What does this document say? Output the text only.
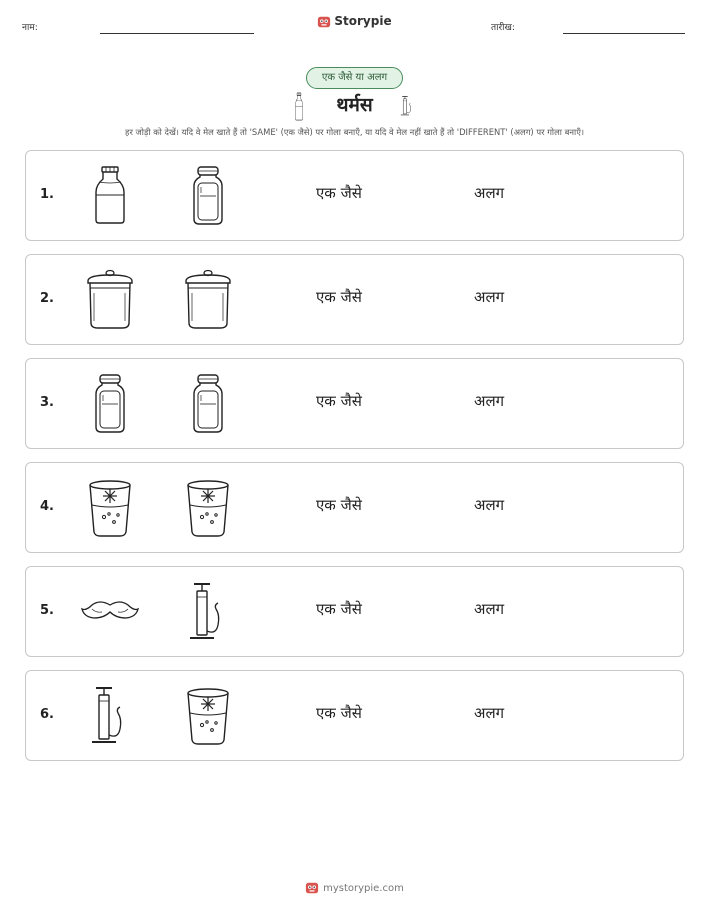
नाम:	Storypie	तारीख:
एक जैसे या अलग
थर्मस
हर जोड़ी को देखें। यदि वे मेल खाते हैं तो 'SAME' (एक जैसे) पर गोला बनाएँ, या यदि वे मेल नहीं खाते हैं तो 'DIFFERENT' (अलग) पर गोला बनाएँ।
1.	एक जैसे	अलग
2.	एक जैसे	अलग
3.	एक जैसे	अलग
4.	एक जैसे	अलग
5.	एक जैसे	अलग
6.	एक जैसे	अलग
mystorypie.com
